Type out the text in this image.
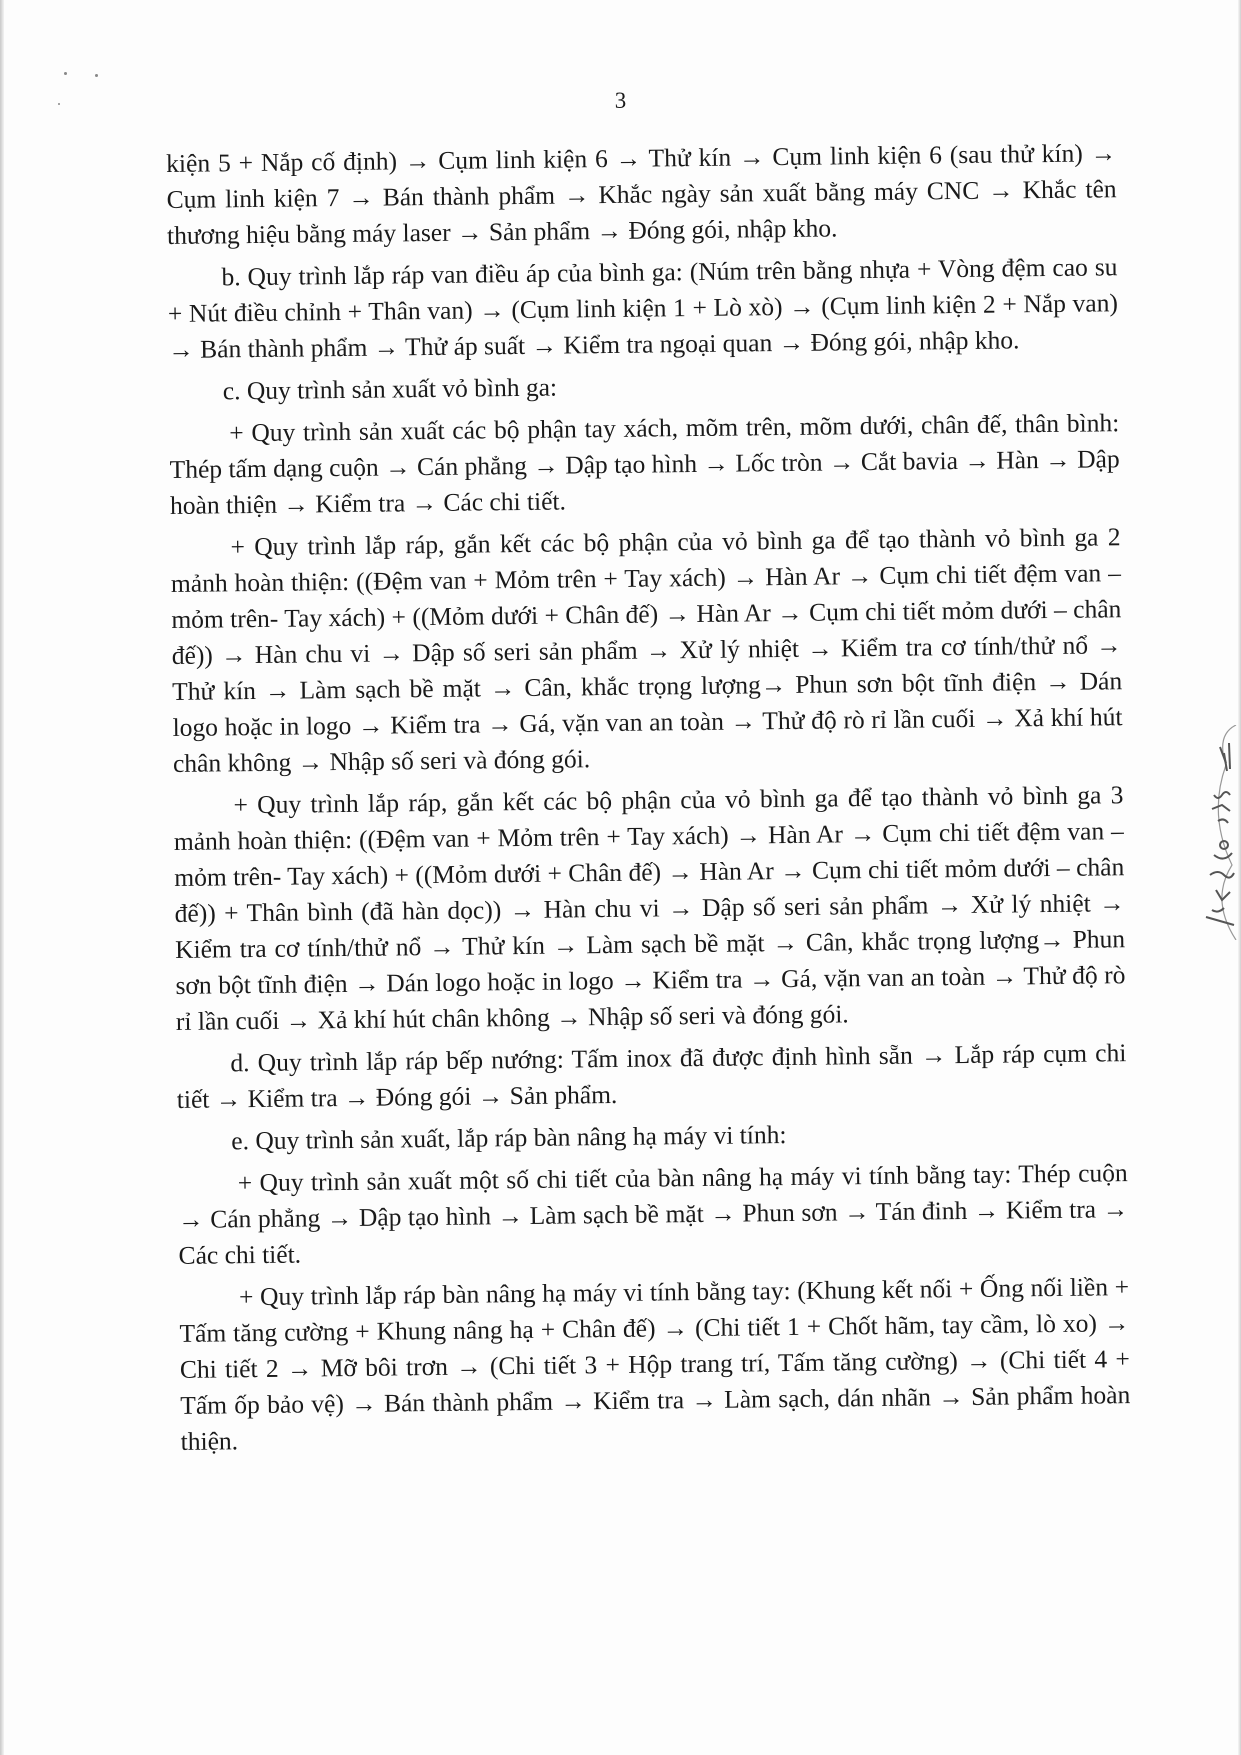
3

kiện 5 + Nắp cố định) → Cụm linh kiện 6 → Thử kín → Cụm linh kiện 6 (sau thử kín) → Cụm linh kiện 7 → Bán thành phẩm → Khắc ngày sản xuất bằng máy CNC → Khắc tên thương hiệu bằng máy laser → Sản phẩm → Đóng gói, nhập kho.

b. Quy trình lắp ráp van điều áp của bình ga: (Núm trên bằng nhựa + Vòng đệm cao su + Nút điều chỉnh + Thân van) → (Cụm linh kiện 1 + Lò xò) → (Cụm linh kiện 2 + Nắp van) → Bán thành phẩm → Thử áp suất → Kiểm tra ngoại quan → Đóng gói, nhập kho.

c. Quy trình sản xuất vỏ bình ga:

+ Quy trình sản xuất các bộ phận tay xách, mõm trên, mõm dưới, chân đế, thân bình: Thép tấm dạng cuộn → Cán phẳng → Dập tạo hình → Lốc tròn → Cắt bavia → Hàn → Dập hoàn thiện → Kiểm tra → Các chi tiết.

+ Quy trình lắp ráp, gắn kết các bộ phận của vỏ bình ga để tạo thành vỏ bình ga 2 mảnh hoàn thiện: ((Đệm van + Mỏm trên + Tay xách) → Hàn Ar → Cụm chi tiết đệm van – mỏm trên- Tay xách) + ((Mỏm dưới + Chân đế) → Hàn Ar → Cụm chi tiết mỏm dưới – chân đế)) → Hàn chu vi → Dập số seri sản phẩm → Xử lý nhiệt → Kiểm tra cơ tính/thử nổ → Thử kín → Làm sạch bề mặt → Cân, khắc trọng lượng→ Phun sơn bột tĩnh điện → Dán logo hoặc in logo → Kiểm tra → Gá, vặn van an toàn → Thử độ rò rỉ lần cuối → Xả khí hút chân không → Nhập số seri và đóng gói.

+ Quy trình lắp ráp, gắn kết các bộ phận của vỏ bình ga để tạo thành vỏ bình ga 3 mảnh hoàn thiện: ((Đệm van + Mỏm trên + Tay xách) → Hàn Ar → Cụm chi tiết đệm van – mỏm trên- Tay xách) + ((Mỏm dưới + Chân đế) → Hàn Ar → Cụm chi tiết mỏm dưới – chân đế)) + Thân bình (đã hàn dọc)) → Hàn chu vi → Dập số seri sản phẩm → Xử lý nhiệt → Kiểm tra cơ tính/thử nổ → Thử kín → Làm sạch bề mặt → Cân, khắc trọng lượng→ Phun sơn bột tĩnh điện → Dán logo hoặc in logo → Kiểm tra → Gá, vặn van an toàn → Thử độ rò rỉ lần cuối → Xả khí hút chân không → Nhập số seri và đóng gói.

d. Quy trình lắp ráp bếp nướng: Tấm inox đã được định hình sẵn → Lắp ráp cụm chi tiết → Kiểm tra → Đóng gói → Sản phẩm.

e. Quy trình sản xuất, lắp ráp bàn nâng hạ máy vi tính:

+ Quy trình sản xuất một số chi tiết của bàn nâng hạ máy vi tính bằng tay: Thép cuộn → Cán phẳng → Dập tạo hình → Làm sạch bề mặt → Phun sơn → Tán đinh → Kiểm tra → Các chi tiết.

+ Quy trình lắp ráp bàn nâng hạ máy vi tính bằng tay: (Khung kết nối + Ống nối liền + Tấm tăng cường + Khung nâng hạ + Chân đế) → (Chi tiết 1 + Chốt hãm, tay cầm, lò xo) → Chi tiết 2 → Mỡ bôi trơn → (Chi tiết 3 + Hộp trang trí, Tấm tăng cường) → (Chi tiết 4 + Tấm ốp bảo vệ) → Bán thành phẩm → Kiểm tra → Làm sạch, dán nhãn → Sản phẩm hoàn thiện.
